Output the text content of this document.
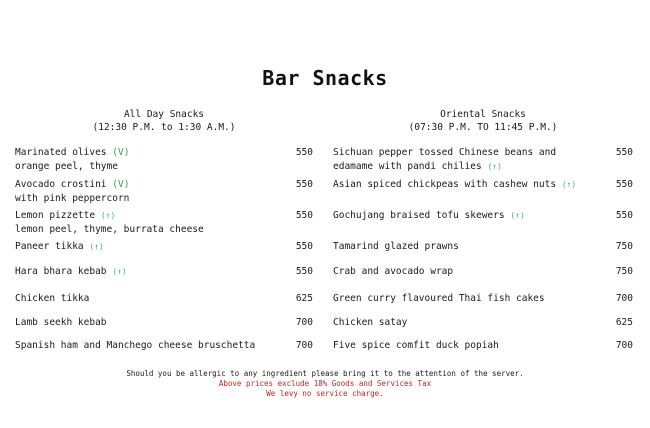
Bar Snacks
All Day Snacks
(12:30 P.M. to 1:30 A.M.)
Marinated olives (V)
orange peel, thyme
550
Avocado crostini (V)
with pink peppercorn
550
Lemon pizzette (↑)
lemon peel, thyme, burrata cheese
550
Paneer tikka (↑)	550
Hara bhara kebab (↑)	550
Chicken tikka	625
Lamb seekh kebab	700
Spanish ham and Manchego cheese bruschetta	700
Oriental Snacks
(07:30 P.M. TO 11:45 P.M.)
Sichuan pepper tossed Chinese beans and
edamame with pandi chilies (↑)
550
Asian spiced chickpeas with cashew nuts (↑)	550
Gochujang braised tofu skewers (↑)	550
Tamarind glazed prawns	750
Crab and avocado wrap	750
Green curry flavoured Thai fish cakes	700
Chicken satay	625
Five spice comfit duck popiah	700
Should you be allergic to any ingredient please bring it to the attention of the server.
Above prices exclude 18% Goods and Services Tax
We levy no service charge.
